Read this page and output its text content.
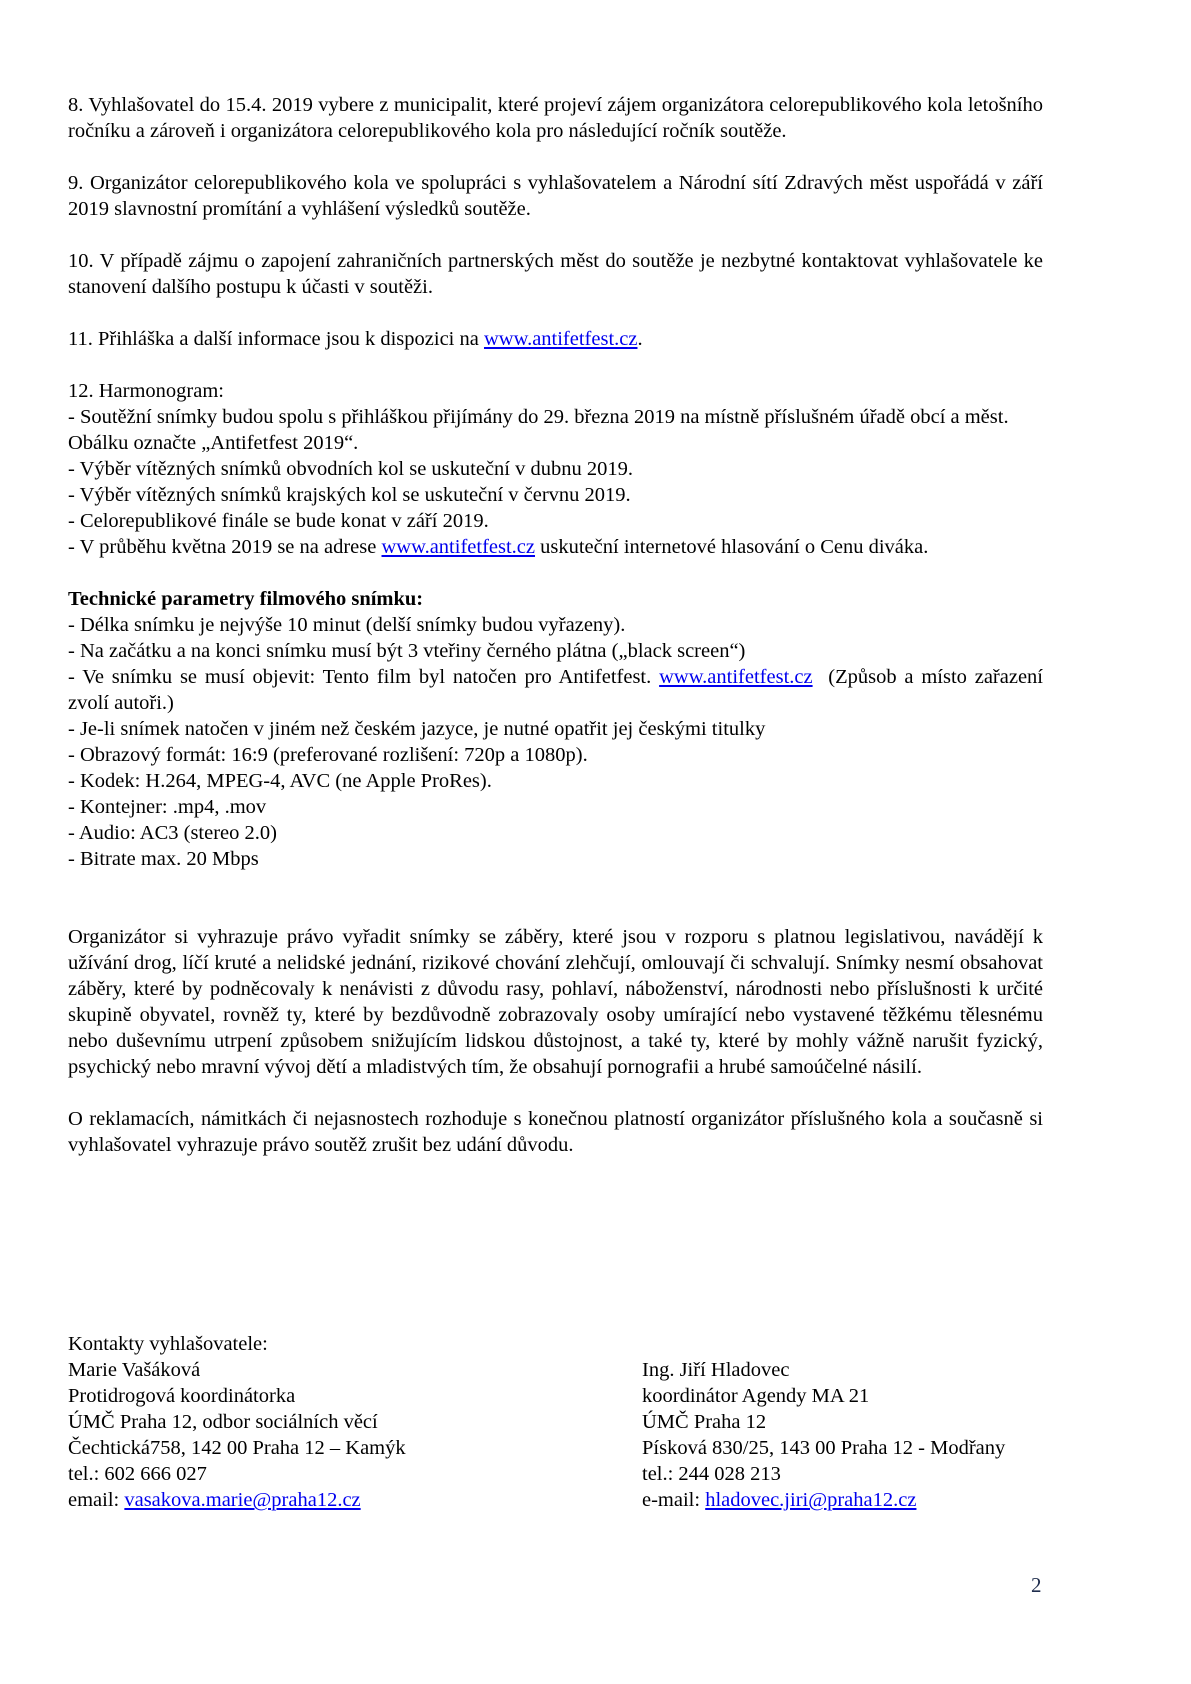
8. Vyhlašovatel do 15.4. 2019 vybere z municipalit, které projeví zájem organizátora celorepublikového kola letošního ročníku a zároveň i organizátora celorepublikového kola pro následující ročník soutěže.

9. Organizátor celorepublikového kola ve spolupráci s vyhlašovatelem a Národní sítí Zdravých měst uspořádá v září 2019 slavnostní promítání a vyhlášení výsledků soutěže.

10. V případě zájmu o zapojení zahraničních partnerských měst do soutěže je nezbytné kontaktovat vyhlašovatele ke stanovení dalšího postupu k účasti v soutěži.

11. Přihláška a další informace jsou k dispozici na www.antifetfest.cz.

12. Harmonogram:

- Soutěžní snímky budou spolu s přihláškou přijímány do 29. března 2019 na místně příslušném úřadě obcí a měst. Obálku označte „Antifetfest 2019“.

- Výběr vítězných snímků obvodních kol se uskuteční v dubnu 2019.
- Výběr vítězných snímků krajských kol se uskuteční v červnu 2019.
- Celorepublikové finále se bude konat v září 2019.
- V průběhu května 2019 se na adrese www.antifetfest.cz uskuteční internetové hlasování o Cenu diváka.
Technické parametry filmového snímku:
- Délka snímku je nejvýše 10 minut (delší snímky budou vyřazeny).
- Na začátku a na konci snímku musí být 3 vteřiny černého plátna („black screen“)

- Ve snímku se musí objevit: Tento film byl natočen pro Antifetfest. www.antifetfest.cz  (Způsob a místo zařazení zvolí autoři.)

- Je-li snímek natočen v jiném než českém jazyce, je nutné opatřit jej českými titulky
- Obrazový formát: 16:9 (preferované rozlišení: 720p a 1080p).
- Kodek: H.264, MPEG-4, AVC (ne Apple ProRes).
- Kontejner: .mp4, .mov
- Audio: AC3 (stereo 2.0)
- Bitrate max. 20 Mbps

Organizátor si vyhrazuje právo vyřadit snímky se záběry, které jsou v rozporu s platnou legislativou, navádějí k užívání drog, líčí kruté a nelidské jednání, rizikové chování zlehčují, omlouvají či schvalují. Snímky nesmí obsahovat záběry, které by podněcovaly k nenávisti z důvodu rasy, pohlaví, náboženství, národnosti nebo příslušnosti k určité skupině obyvatel, rovněž ty, které by bezdůvodně zobrazovaly osoby umírající nebo vystavené těžkému tělesnému nebo duševnímu utrpení způsobem snižujícím lidskou důstojnost, a také ty, které by mohly vážně narušit fyzický, psychický nebo mravní vývoj dětí a mladistvých tím, že obsahují pornografii a hrubé samoúčelné násilí.

O reklamacích, námitkách či nejasnostech rozhoduje s konečnou platností organizátor příslušného kola a současně si vyhlašovatel vyhrazuje právo soutěž zrušit bez udání důvodu.

Kontakty vyhlašovatele:
Marie Vašáková
Protidrogová koordinátorka
ÚMČ Praha 12, odbor sociálních věcí
Čechtická758, 142 00 Praha 12 – Kamýk
tel.: 602 666 027
email: vasakova.marie@praha12.cz
Ing. Jiří Hladovec
koordinátor Agendy MA 21
ÚMČ Praha 12
Písková 830/25, 143 00 Praha 12 - Modřany
tel.: 244 028 213
e-mail: hladovec.jiri@praha12.cz
2
